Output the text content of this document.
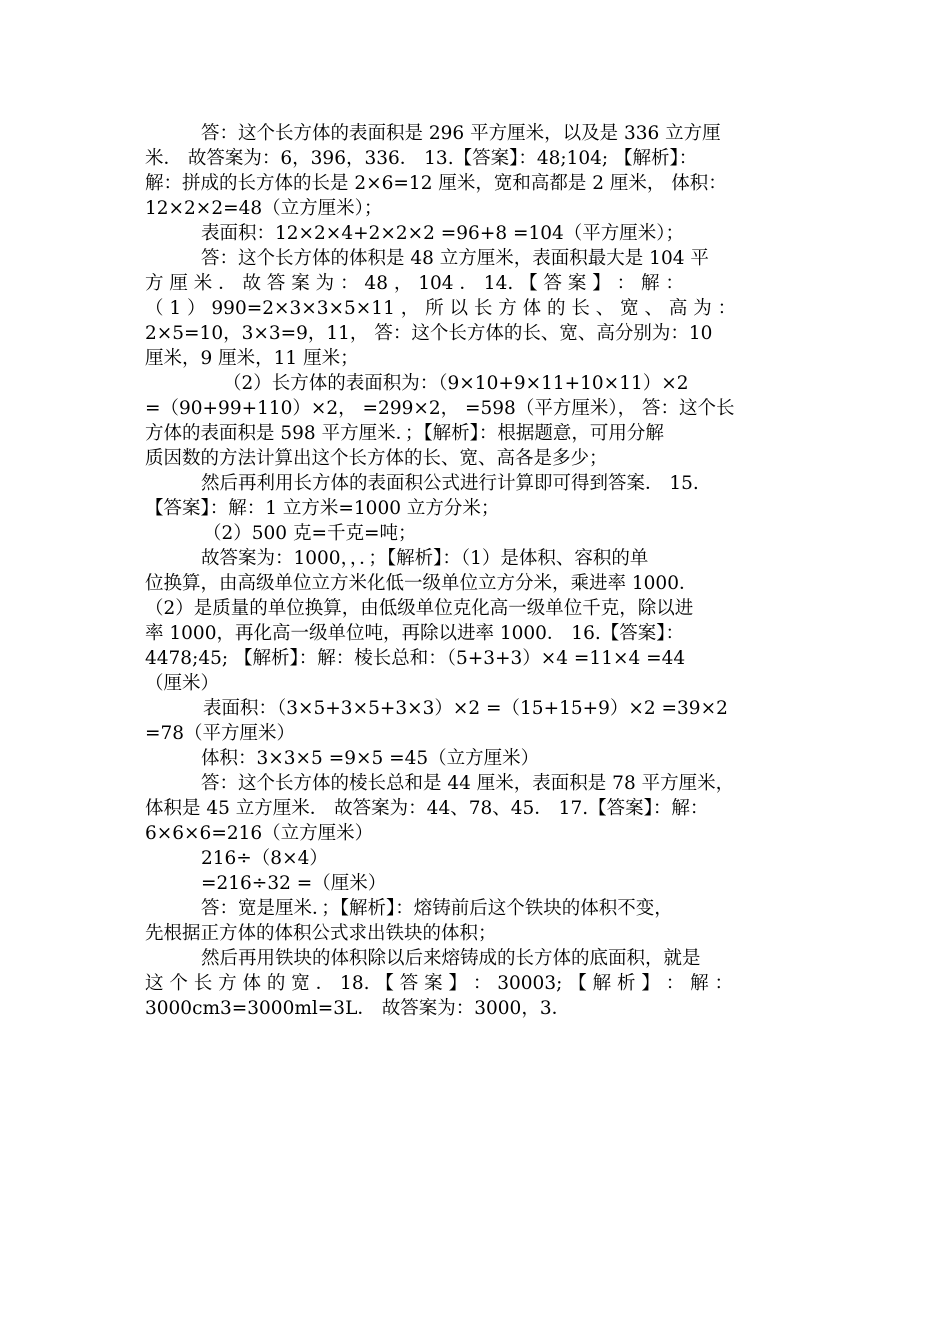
答：这个长方体的表面积是 296 平方厘米，以及是 336 立方厘
米． 故答案为：6，396，336． 13.【答案】：48;104; 【解析】：
解：拼成的长方体的长是 2×6=12 厘米，宽和高都是 2 厘米， 体积：
12×2×2=48（立方厘米）；
表面积：12×2×4+2×2×2 =96+8 =104（平方厘米）；
答：这个长方体的体积是 48 立方厘米，表面积最大是 104 平
方 厘 米 ． 故 答 案 为 ： 48 ， 104 ． 14. 【 答 案 】 ： 解 ：
（ 1 ） 990=2×3×3×5×11 ， 所 以 长 方 体 的 长 、 宽 、 高 为 ：
2×5=10，3×3=9，11， 答：这个长方体的长、宽、高分别为：10
厘米，9 厘米，11 厘米；
（2）长方体的表面积为：（9×10+9×11+10×11）×2
=（90+99+110）×2， =299×2， =598（平方厘米）， 答：这个长
方体的表面积是 598 平方厘米．；【解析】：根据题意，可用分解
质因数的方法计算出这个长方体的长、宽、高各是多少；
然后再利用长方体的表面积公式进行计算即可得到答案． 15.
【答案】：解：1 立方米=1000 立方分米；
（2）500 克=千克=吨；
故答案为：1000，，．；【解析】：（1）是体积、容积的单
位换算，由高级单位立方米化低一级单位立方分米，乘进率 1000．
（2）是质量的单位换算，由低级单位克化高一级单位千克，除以进
率 1000，再化高一级单位吨，再除以进率 1000． 16.【答案】：
4478;45; 【解析】：解：棱长总和：（5+3+3）×4 =11×4 =44
（厘米）
表面积：（3×5+3×5+3×3）×2 =（15+15+9）×2 =39×2
=78（平方厘米）
体积：3×3×5 =9×5 =45（立方厘米）
答：这个长方体的棱长总和是 44 厘米，表面积是 78 平方厘米，
体积是 45 立方厘米． 故答案为：44、78、45． 17.【答案】：解：
6×6×6=216（立方厘米）
216÷（8×4）
=216÷32 =（厘米）
答：宽是厘米．；【解析】：熔铸前后这个铁块的体积不变，
先根据正方体的体积公式求出铁块的体积；
然后再用铁块的体积除以后来熔铸成的长方体的底面积，就是
这 个 长 方 体 的 宽 ． 18. 【 答 案 】 ： 30003; 【 解 析 】 ： 解 ：
3000cm3=3000ml=3L． 故答案为：3000，3．
